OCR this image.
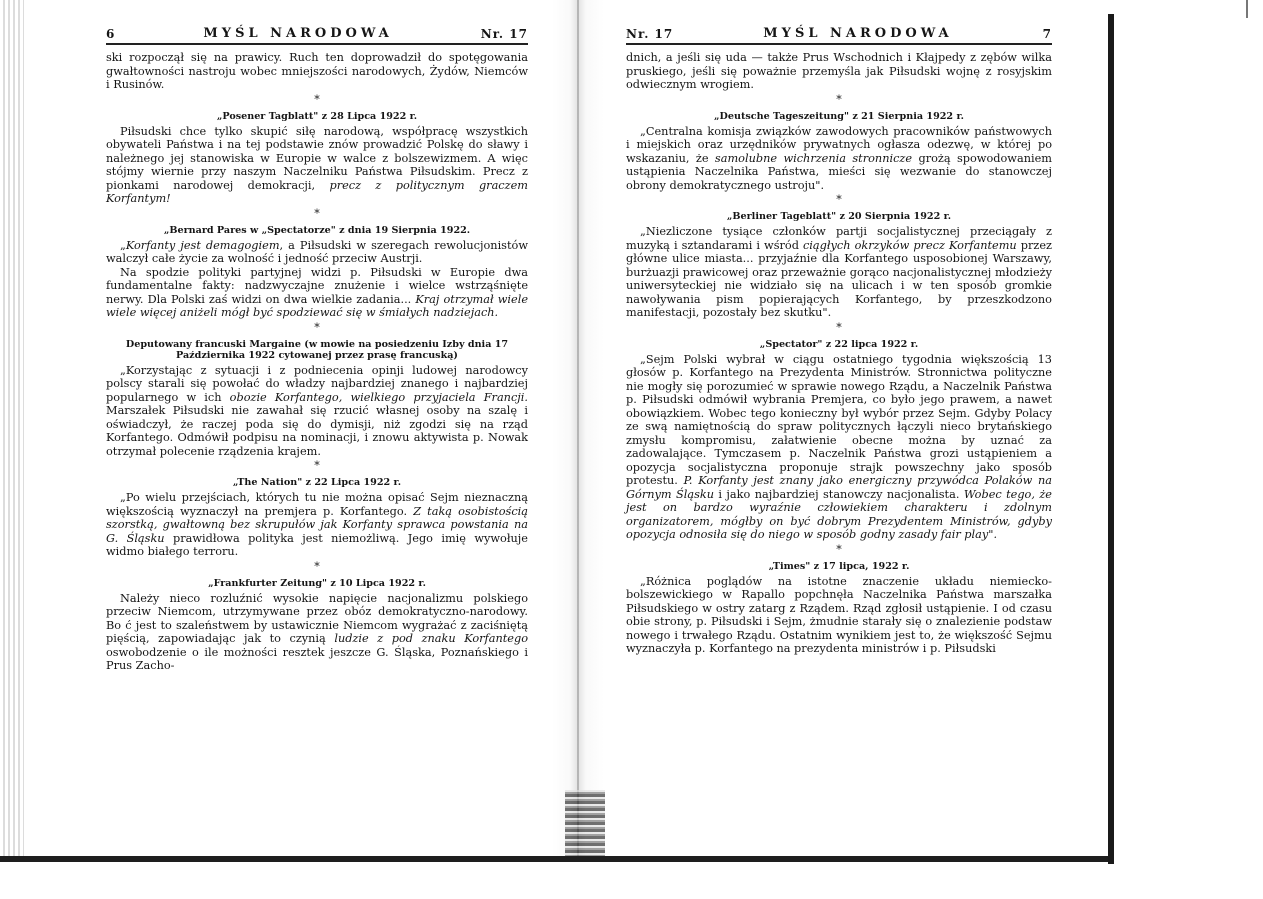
6	MYŚL NARODOWA	Nr. 17

ski rozpoczął się na prawicy. Ruch ten doprowadził do spotęgowania gwałtowności nastroju wobec mniejszości narodowych, Żydów, Niemców i Rusinów.

*
„Posener Tagblatt" z 28 Lipca 1922 r.

Piłsudski chce tylko skupić siłę narodową, współpracę wszystkich obywateli Państwa i na tej podstawie znów prowadzić Polskę do sławy i należnego jej stanowiska w Europie w walce z bolszewizmem. A więc stójmy wiernie przy naszym Naczelniku Państwa Piłsudskim. Precz z pionkami narodowej demokracji, precz z politycznym graczem Korfantym!

*
„Bernard Pares w „Spectatorze" z dnia 19 Sierpnia 1922.

„Korfanty jest demagogiem, a Piłsudski w szeregach rewolucjonistów walczył całe życie za wolność i jedność przeciw Austrji.

Na spodzie polityki partyjnej widzi p. Piłsudski w Europie dwa fundamentalne fakty: nadzwyczajne znużenie i wielce wstrząśnięte nerwy. Dla Polski zaś widzi on dwa wielkie zadania... Kraj otrzymał wiele wiele więcej aniżeli mógł być spodziewać się w śmiałych nadziejach.

*
Deputowany francuski Margaine (w mowie na posiedzeniu Izby dnia 17 Października 1922 cytowanej przez prasę francuską)

„Korzystając z sytuacji i z podniecenia opinji ludowej narodowcy polscy starali się powołać do władzy najbardziej znanego i najbardziej popularnego w ich obozie Korfantego, wielkiego przyjaciela Francji. Marszałek Piłsudski nie zawahał się rzucić własnej osoby na szalę i oświadczył, że raczej poda się do dymisji, niż zgodzi się na rząd Korfantego. Odmówił podpisu na nominacji, i znowu aktywista p. Nowak otrzymał polecenie rządzenia krajem.

*
„The Nation" z 22 Lipca 1922 r.

„Po wielu przejściach, których tu nie można opisać Sejm nieznaczną większością wyznaczył na premjera p. Korfantego. Z taką osobistością szorstką, gwałtowną bez skrupułów jak Korfanty sprawca powstania na G. Śląsku prawidłowa polityka jest niemożliwą. Jego imię wywołuje widmo białego terroru.

*
„Frankfurter Zeitung" z 10 Lipca 1922 r.

Należy nieco rozluźnić wysokie napięcie nacjonalizmu polskiego przeciw Niemcom, utrzymywane przez obóz demokratyczno-narodowy. Bo ć jest to szaleństwem by ustawicznie Niemcom wygrażać z zaciśniętą pięścią, zapowiadając jak to czynią ludzie z pod znaku Korfantego oswobodzenie o ile możności resztek jeszcze G. Śląska, Poznańskiego i Prus Zacho-

Nr. 17	MYŚL NARODOWA	7

dnich, a jeśli się uda — także Prus Wschodnich i Kłajpedy z zębów wilka pruskiego, jeśli się poważnie przemyśla jak Piłsudski wojnę z rosyjskim odwiecznym wrogiem.

*
„Deutsche Tageszeitung" z 21 Sierpnia 1922 r.

„Centralna komisja związków zawodowych pracowników państwowych i miejskich oraz urzędników prywatnych ogłasza odezwę, w której po wskazaniu, że samolubne wichrzenia stronnicze grożą spowodowaniem ustąpienia Naczelnika Państwa, mieści się wezwanie do stanowczej obrony demokratycznego ustroju".

*
„Berliner Tageblatt" z 20 Sierpnia 1922 r.

„Niezliczone tysiące członków partji socjalistycznej przeciągały z muzyką i sztandarami i wśród ciągłych okrzyków precz Korfantemu przez główne ulice miasta... przyjaźnie dla Korfantego usposobionej Warszawy, burżuazji prawicowej oraz przeważnie gorąco nacjonalistycznej młodzieży uniwersyteckiej nie widziało się na ulicach i w ten sposób gromkie nawoływania pism popierających Korfantego, by przeszkodzono manifestacji, pozostały bez skutku".

*
„Spectator" z 22 lipca 1922 r.

„Sejm Polski wybrał w ciągu ostatniego tygodnia większością 13 głosów p. Korfantego na Prezydenta Ministrów. Stronnictwa polityczne nie mogły się porozumieć w sprawie nowego Rządu, a Naczelnik Państwa p. Piłsudski odmówił wybrania Premjera, co było jego prawem, a nawet obowiązkiem. Wobec tego konieczny był wybór przez Sejm. Gdyby Polacy ze swą namiętnością do spraw politycznych łączyli nieco brytańskiego zmysłu kompromisu, załatwienie obecne można by uznać za zadowalające. Tymczasem p. Naczelnik Państwa grozi ustąpieniem a opozycja socjalistyczna proponuje strajk powszechny jako sposób protestu. P. Korfanty jest znany jako energiczny przywódca Polaków na Górnym Śląsku i jako najbardziej stanowczy nacjonalista. Wobec tego, że jest on bardzo wyraźnie człowiekiem charakteru i zdolnym organizatorem, mógłby on być dobrym Prezydentem Ministrów, gdyby opozycja odnosiła się do niego w sposób godny zasady fair play".

*
„Times" z 17 lipca, 1922 r.

„Różnica poglądów na istotne znaczenie układu niemiecko-bolszewickiego w Rapallo popchnęła Naczelnika Państwa marszałka Piłsudskiego w ostry zatarg z Rządem. Rząd zgłosił ustąpienie. I od czasu obie strony, p. Piłsudski i Sejm, żmudnie starały się o znalezienie podstaw nowego i trwałego Rządu. Ostatnim wynikiem jest to, że większość Sejmu wyznaczyła p. Korfantego na prezydenta ministrów i p. Piłsudski
